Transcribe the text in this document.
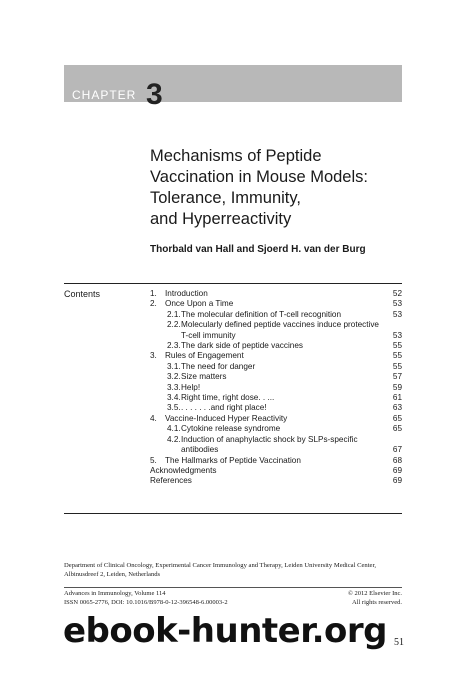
CHAPTER 3
Mechanisms of Peptide
Vaccination in Mouse Models:
Tolerance, Immunity,
and Hyperreactivity
Thorbald van Hall and Sjoerd H. van der Burg
Contents	1. Introduction	52
2. Once Upon a Time	53
2.1. The molecular definition of T-cell recognition	53
2.2. Molecularly defined peptide vaccines induce protective T-cell immunity	53
2.3. The dark side of peptide vaccines	55
3. Rules of Engagement	55
3.1. The need for danger	55
3.2. Size matters	57
3.3. Help!	59
3.4. Right time, right dose. . ...	61
3.5. . . . . . . .and right place!	63
4. Vaccine-Induced Hyper Reactivity	65
4.1. Cytokine release syndrome	65
4.2. Induction of anaphylactic shock by SLPs-specific antibodies	67
5. The Hallmarks of Peptide Vaccination	68
Acknowledgments	69
References	69
Department of Clinical Oncology, Experimental Cancer Immunology and Therapy, Leiden University Medical Center, Albinusdreef 2, Leiden, Netherlands
Advances in Immunology, Volume 114
ISSN 0065-2776, DOI: 10.1016/B978-0-12-396548-6.00003-2
© 2012 Elsevier Inc.
All rights reserved.
51
ebook-hunter.org
